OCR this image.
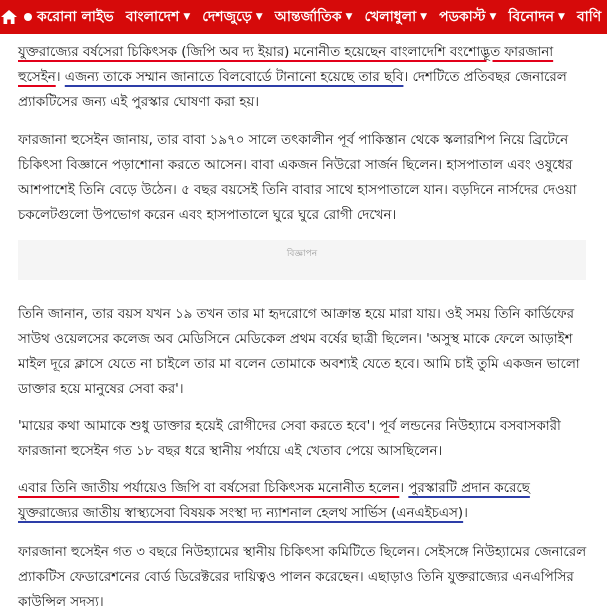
করোনা লাইভ বাংলাদেশ ▼ দেশজুড়ে ▼ আন্তর্জাতিক ▼ খেলাধুলা ▼ পডকাস্ট ▼ বিনোদন ▼ বাণি

যুক্তরাজ্যের বর্ষসেরা চিকিৎসক (জিপি অব দ্য ইয়ার) মনোনীত হয়েছেন বাংলাদেশি বংশোদ্ভূত ফারজানা হুসেইন। এজন্য তাকে সম্মান জানাতে বিলবোর্ডে টানানো হয়েছে তার ছবি। দেশটিতে প্রতিবছর জেনারেল প্র্যাকটিসের জন্য এই পুরস্কার ঘোষণা করা হয়।

ফারজানা হুসেইন জানায়, তার বাবা ১৯৭০ সালে তৎকালীন পূর্ব পাকিস্তান থেকে স্কলারশিপ নিয়ে ব্রিটেনে চিকিৎসা বিজ্ঞানে পড়াশোনা করতে আসেন। বাবা একজন নিউরো সার্জন ছিলেন। হাসপাতাল এবং ওষুধের আশপাশেই তিনি বেড়ে উঠেন। ৫ বছর বয়সেই তিনি বাবার সাথে হাসপাতালে যান। বড়দিনে নার্সদের দেওয়া চকলেটগুলো উপভোগ করেন এবং হাসপাতালে ঘুরে ঘুরে রোগী দেখেন।

বিজ্ঞাপন

তিনি জানান, তার বয়স যখন ১৯ তখন তার মা হৃদরোগে আক্রান্ত হয়ে মারা যায়। ওই সময় তিনি কার্ডিফের সাউথ ওয়েলসের কলেজ অব মেডিসিনে মেডিকেল প্রথম বর্ষের ছাত্রী ছিলেন। 'অসুস্থ মাকে ফেলে আড়াইশ মাইল দূরে ক্লাসে যেতে না চাইলে তার মা বলেন তোমাকে অবশ্যই যেতে হবে। আমি চাই তুমি একজন ভালো ডাক্তার হয়ে মানুষের সেবা কর'।

'মায়ের কথা আমাকে শুধু ডাক্তার হয়েই রোগীদের সেবা করতে হবে'। পূর্ব লন্ডনের নিউহ্যামে বসবাসকারী ফারজানা হুসেইন গত ১৮ বছর ধরে স্থানীয় পর্যায়ে এই খেতাব পেয়ে আসছিলেন।

এবার তিনি জাতীয় পর্যায়েও জিপি বা বর্ষসেরা চিকিৎসক মনোনীত হলেন। পুরস্কারটি প্রদান করেছে যুক্তরাজ্যের জাতীয় স্বাস্থ্যসেবা বিষয়ক সংস্থা দ্য ন্যাশনাল হেলথ সার্ভিস (এনএইচএস)।

ফারজানা হুসেইন গত ৩ বছরে নিউহ্যামের স্থানীয় চিকিৎসা কমিটিতে ছিলেন। সেইসঙ্গে নিউহ্যামের জেনারেল প্র্যাকটিস ফেডারেশনের বোর্ড ডিরেক্টরের দায়িত্বও পালন করেছেন। এছাড়াও তিনি যুক্তরাজ্যের এনএপিসির কাউন্সিল সদস্য।
